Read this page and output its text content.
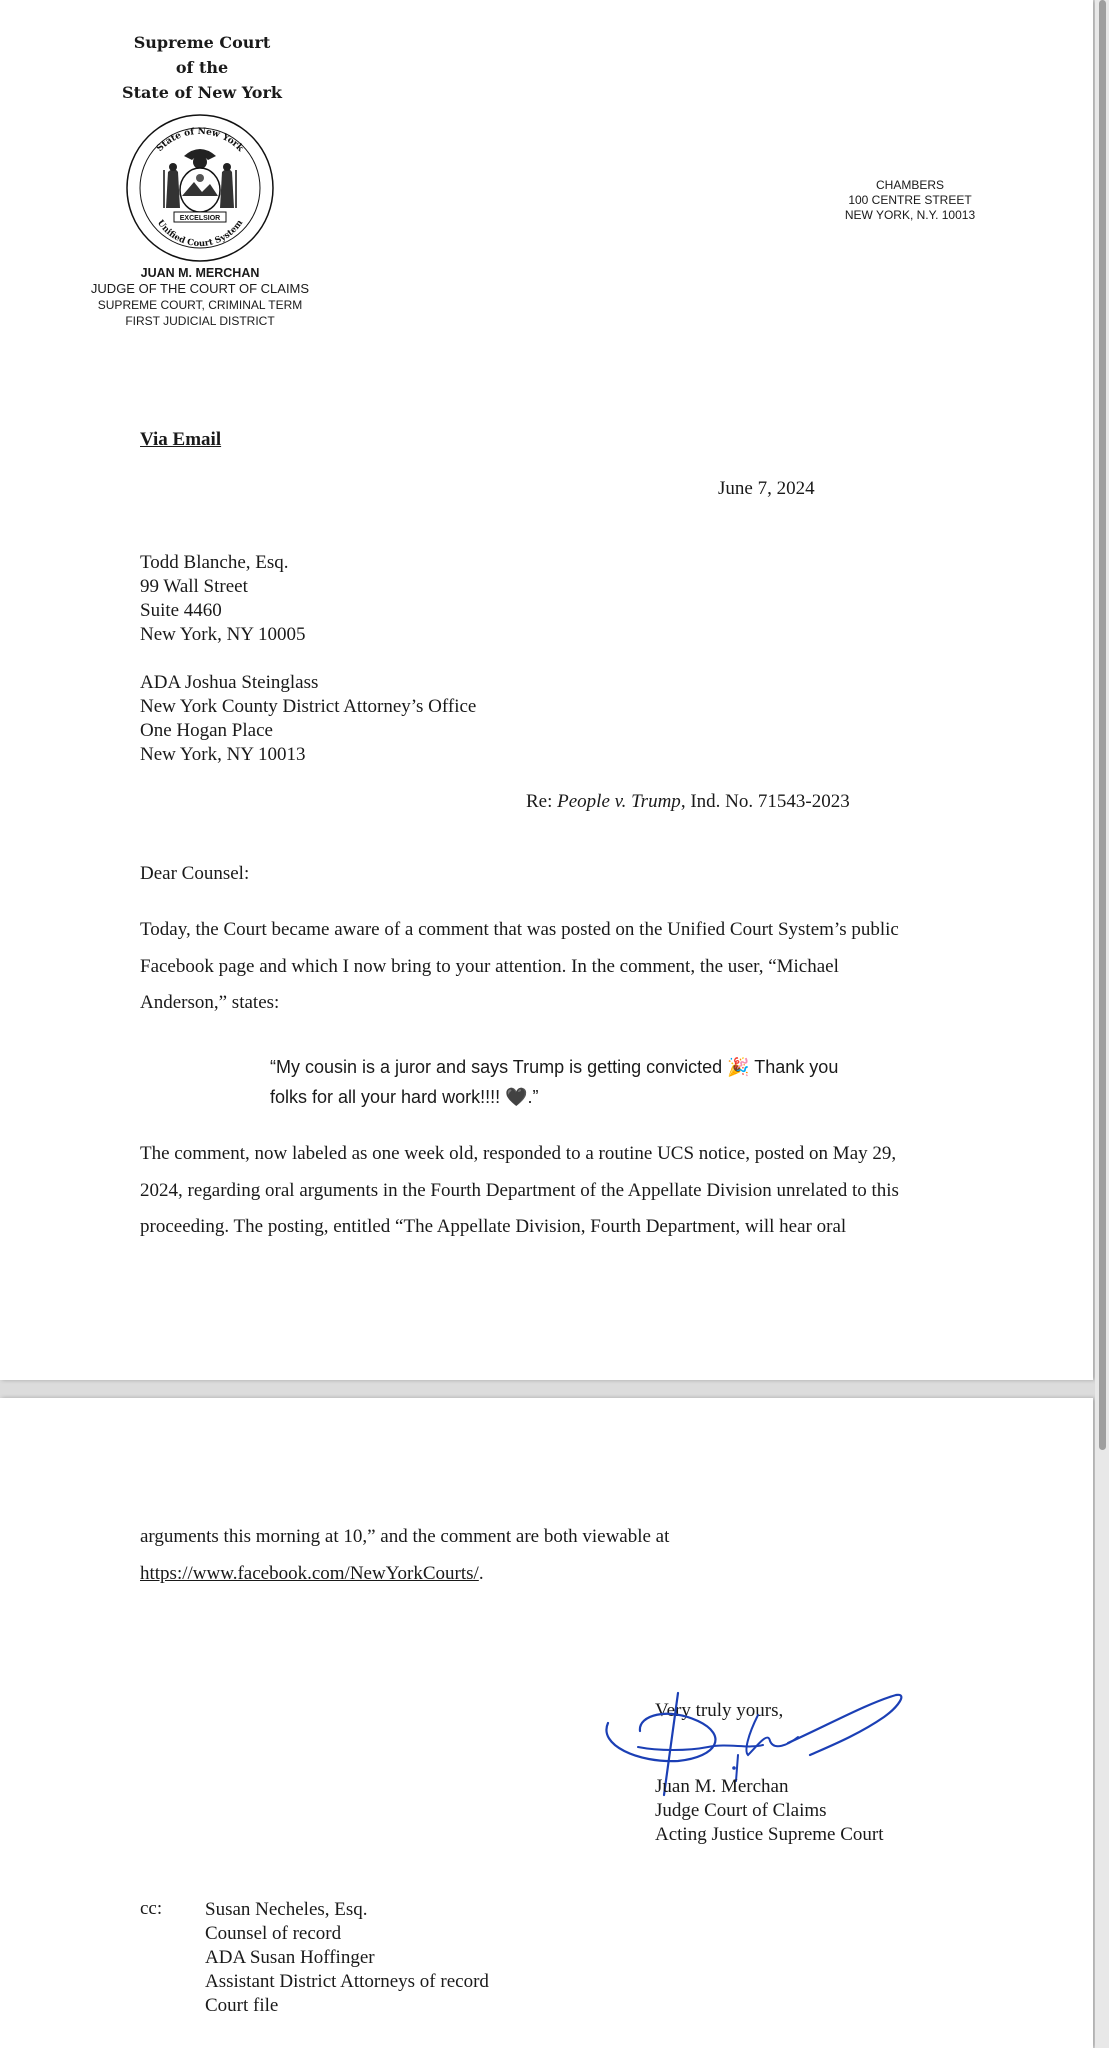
Supreme Court
of the
State of New York
State of New York
Unified Court System
EXCELSIOR
JUAN M. MERCHAN
JUDGE OF THE COURT OF CLAIMS
SUPREME COURT, CRIMINAL TERM
FIRST JUDICIAL DISTRICT
CHAMBERS
100 CENTRE STREET
NEW YORK, N.Y. 10013
Via Email
June 7, 2024
Todd Blanche, Esq.
99 Wall Street
Suite 4460
New York, NY 10005
ADA Joshua Steinglass
New York County District Attorney’s Office
One Hogan Place
New York, NY 10013
Re: People v. Trump, Ind. No. 71543-2023
Dear Counsel:
Today, the Court became aware of a comment that was posted on the Unified Court System’s public
Facebook page and which I now bring to your attention. In the comment, the user, “Michael
Anderson,” states:
“My cousin is a juror and says Trump is getting convicted 🎉 Thank you
folks for all your hard work!!!! 🖤.”
The comment, now labeled as one week old, responded to a routine UCS notice, posted on May 29,
2024, regarding oral arguments in the Fourth Department of the Appellate Division unrelated to this
proceeding. The posting, entitled “The Appellate Division, Fourth Department, will hear oral
arguments this morning at 10,” and the comment are both viewable at
https://www.facebook.com/NewYorkCourts/.
Very truly yours,
Juan M. Merchan
Judge Court of Claims
Acting Justice Supreme Court
cc: Susan Necheles, Esq.
Counsel of record
ADA Susan Hoffinger
Assistant District Attorneys of record
Court file
